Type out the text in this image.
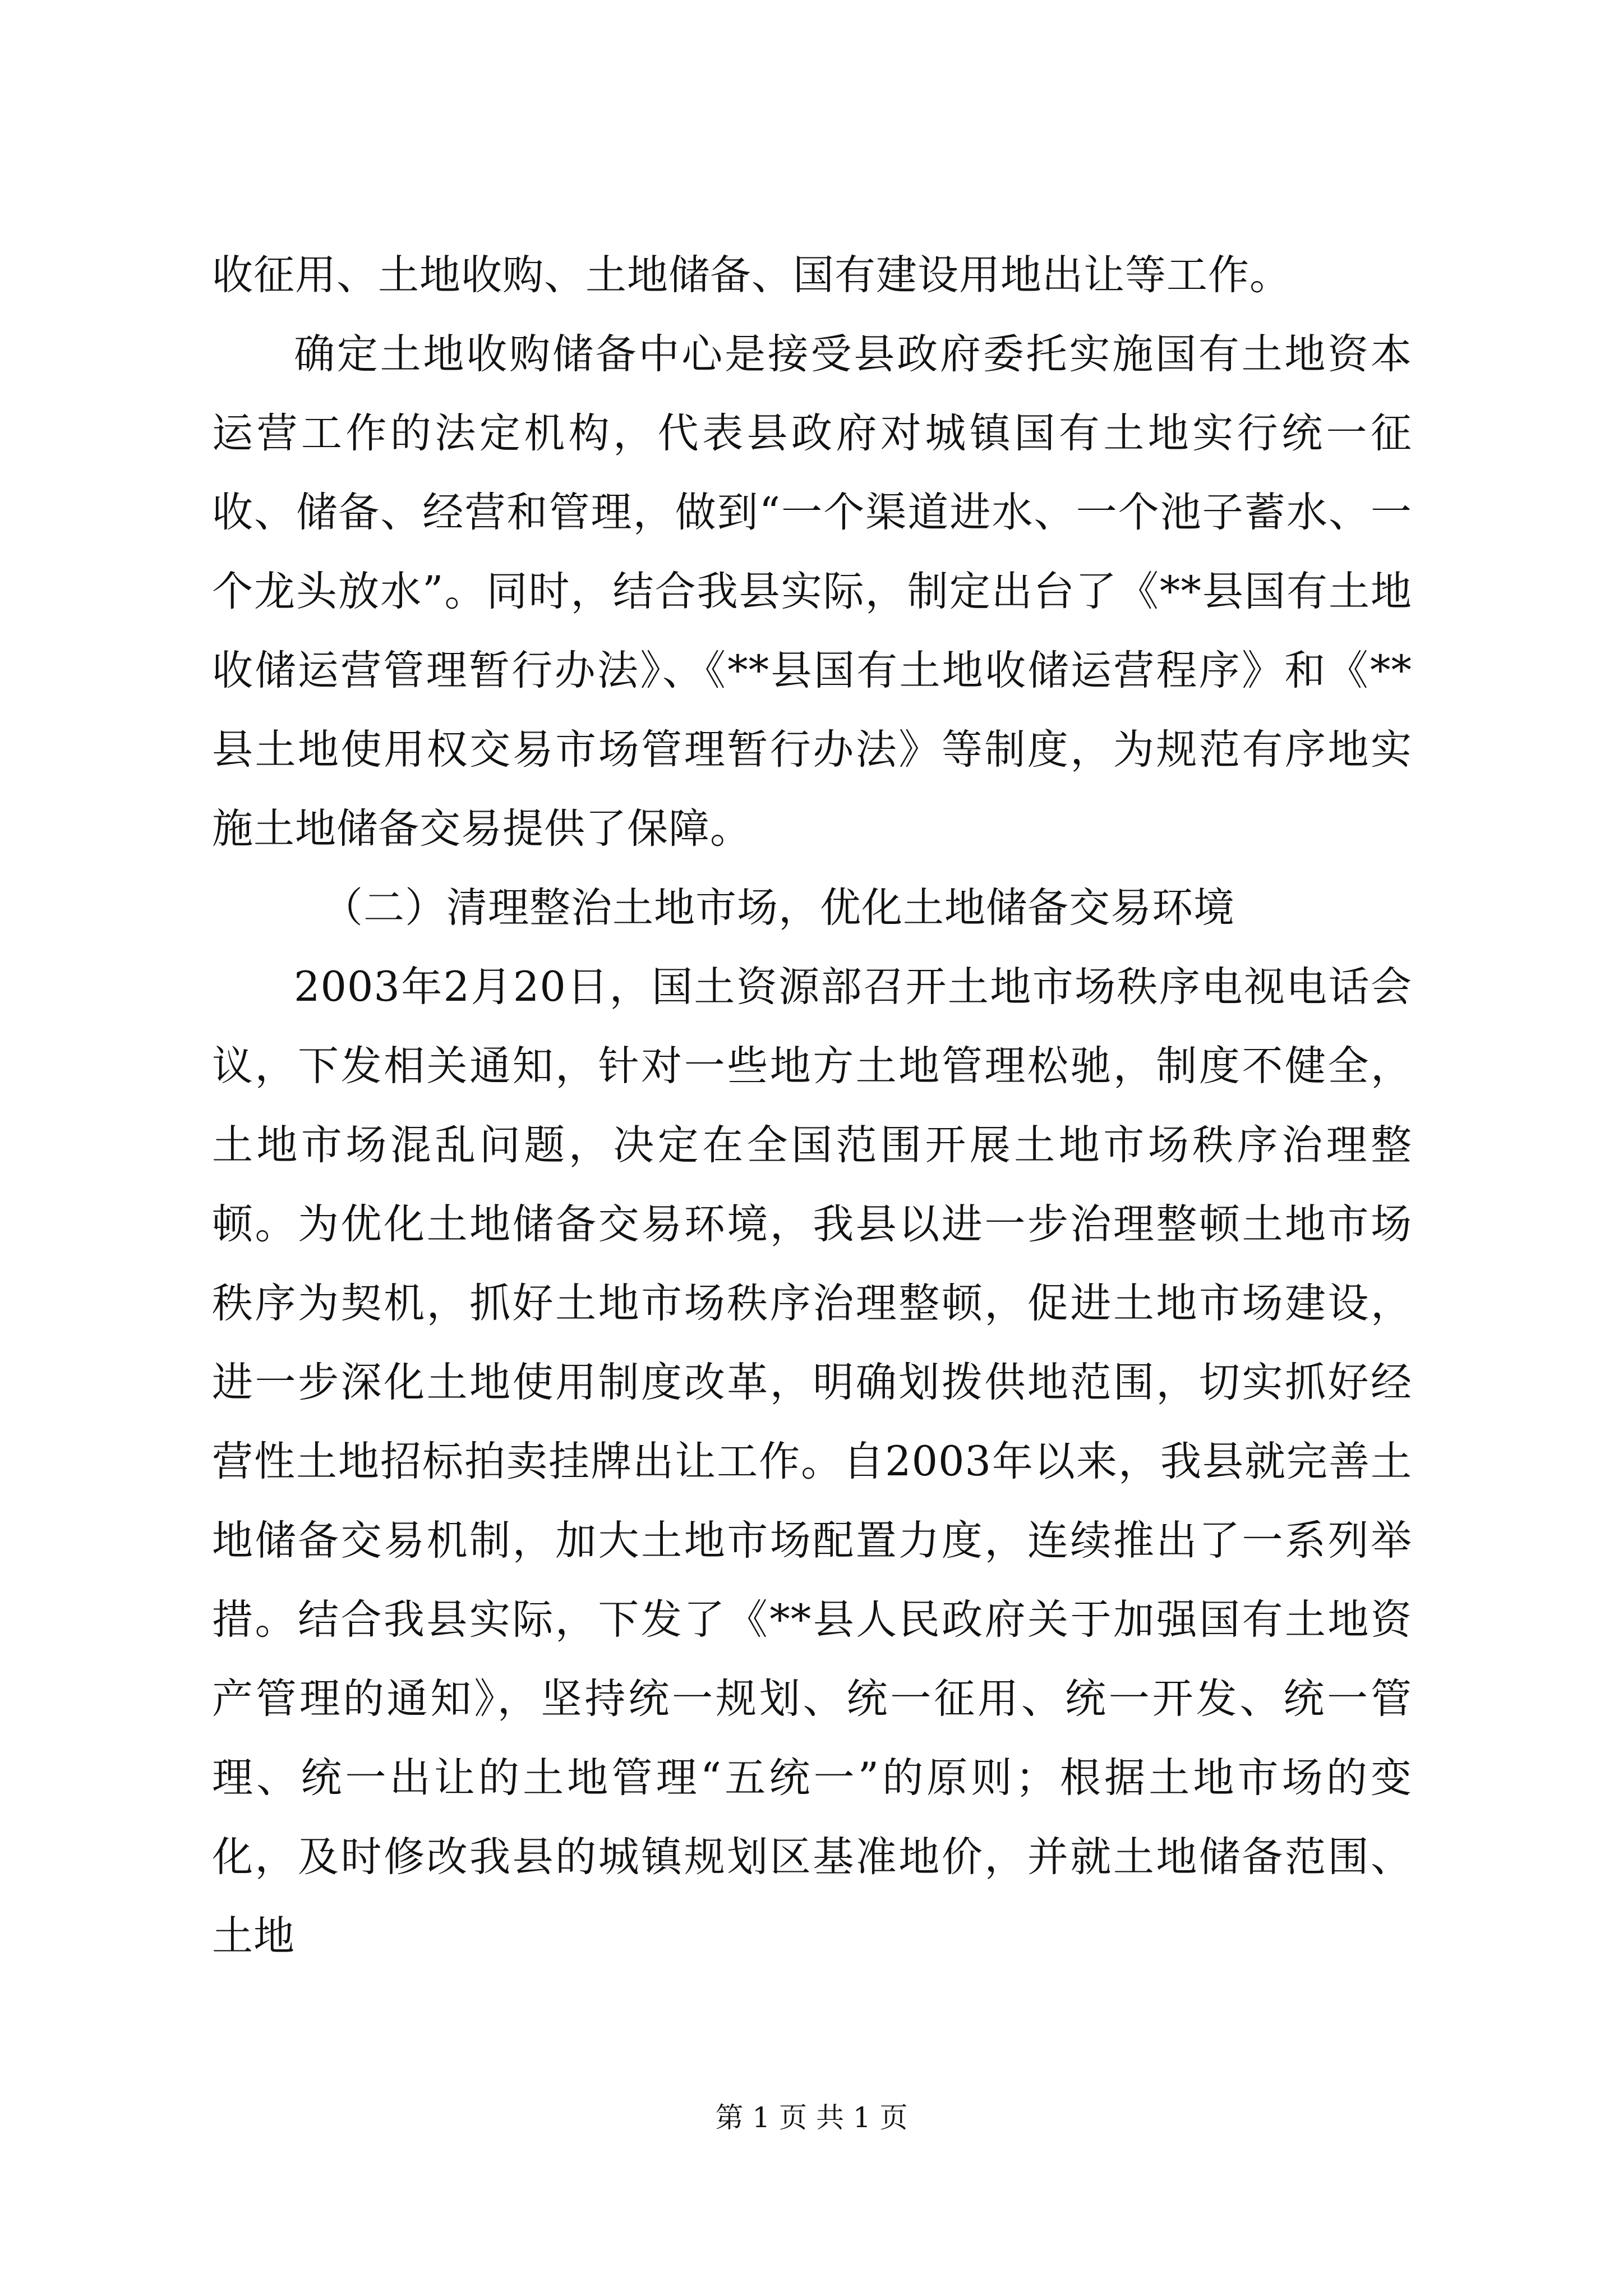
收征用、土地收购、土地储备、国有建设用地出让等工作。

确定土地收购储备中心是接受县政府委托实施国有土地资本运营工作的法定机构，代表县政府对城镇国有土地实行统一征收、储备、经营和管理，做到“一个渠道进水、一个池子蓄水、一个龙头放水”。同时，结合我县实际，制定出台了《**县国有土地收储运营管理暂行办法》、《**县国有土地收储运营程序》和《**县土地使用权交易市场管理暂行办法》等制度，为规范有序地实施土地储备交易提供了保障。

（二）清理整治土地市场，优化土地储备交易环境

2003年2月20日，国土资源部召开土地市场秩序电视电话会议，下发相关通知，针对一些地方土地管理松驰，制度不健全，土地市场混乱问题，决定在全国范围开展土地市场秩序治理整顿。为优化土地储备交易环境，我县以进一步治理整顿土地市场秩序为契机，抓好土地市场秩序治理整顿，促进土地市场建设，进一步深化土地使用制度改革，明确划拨供地范围，切实抓好经营性土地招标拍卖挂牌出让工作。自2003年以来，我县就完善土地储备交易机制，加大土地市场配置力度，连续推出了一系列举措。结合我县实际，下发了《**县人民政府关于加强国有土地资产管理的通知》，坚持统一规划、统一征用、统一开发、统一管理、统一出让的土地管理“五统一”的原则；根据土地市场的变化，及时修改我县的城镇规划区基准地价，并就土地储备范围、土地

第 1 页 共 1 页
